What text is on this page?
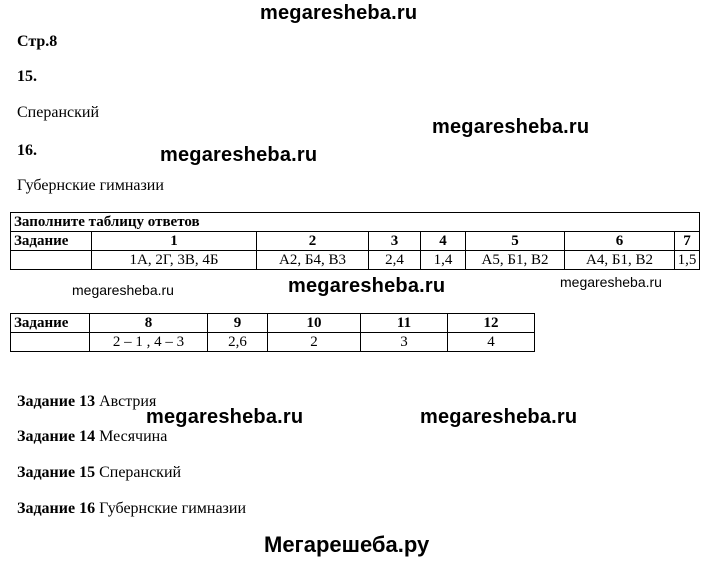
megaresheba.ru
megaresheba.ru
megaresheba.ru
megaresheba.ru	megaresheba.ru	megaresheba.ru
megaresheba.ru	megaresheba.ru
Мегарешеба.ру
Стр.8
15.
Сперанский
16.
Губернские гимназии
Заполните таблицу ответов							
Задание	1	2	3	4	5	6	7
	1А, 2Г, 3В, 4Б	А2, Б4, В3	2,4	1,4	А5, Б1, В2	А4, Б1, В2	1,5
Задание	8	9	10	11	12
	2 – 1 , 4 – 3	2,6	2	3	4
Задание 13 Австрия
Задание 14 Месячина
Задание 15 Сперанский
Задание 16 Губернские гимназии
